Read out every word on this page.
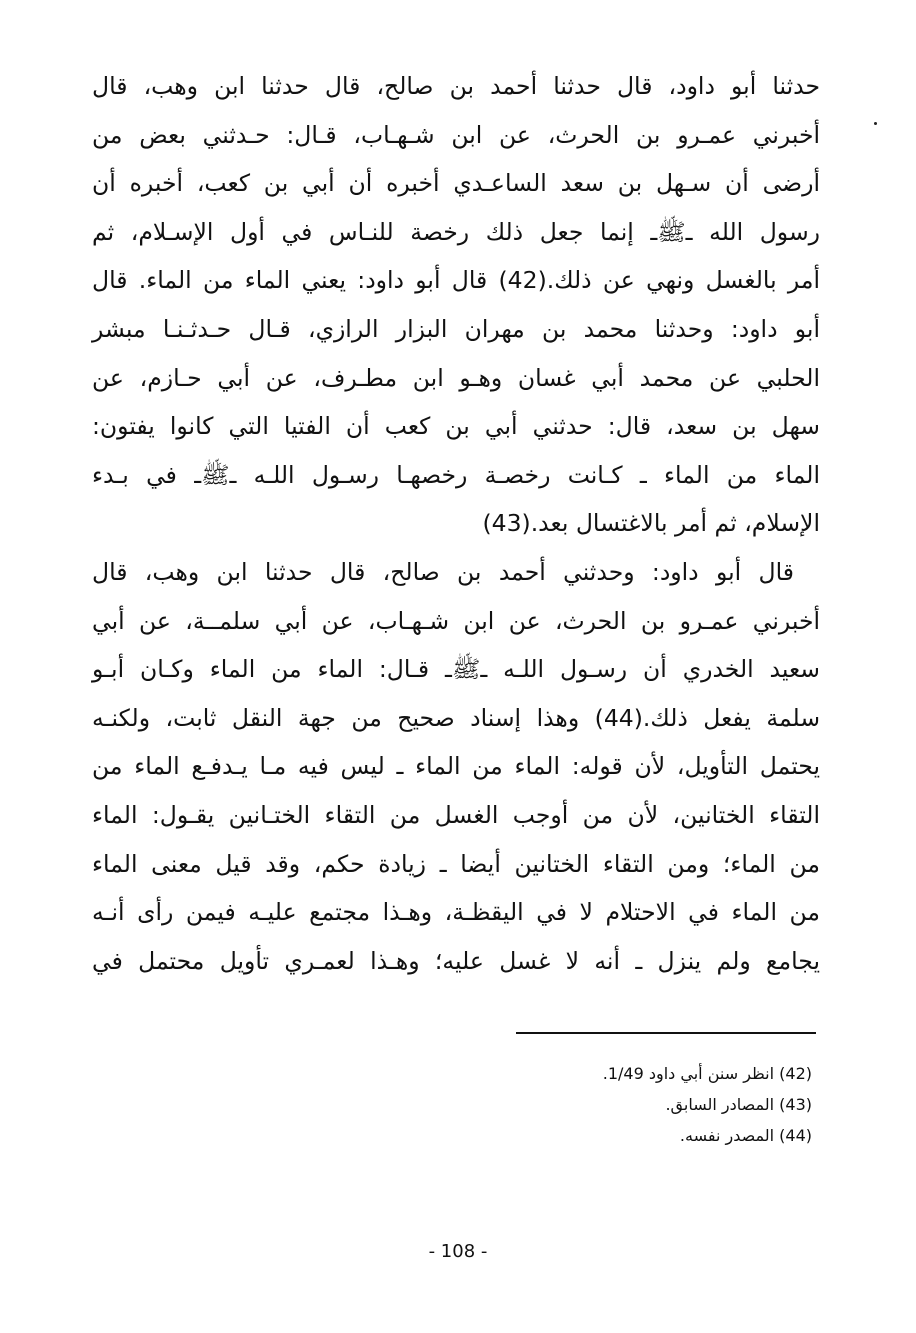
حدثنا أبو داود، قال حدثنا أحمد بن صالح، قال حدثنا ابن وهب، قال
أخبرني عمـرو بن الحرث، عن ابن شـهـاب، قـال: حـدثني بعض من
أرضى أن سـهل بن سعد الساعـدي أخبره أن أبي بن كعب، أخبره أن
رسول الله ـﷺـ إنما جعل ذلك رخصة للنـاس في أول الإسـلام، ثم
أمر بالغسل ونهي عن ذلك.(42) قال أبو داود: يعني الماء من الماء. قال
أبو داود: وحدثنا محمد بن مهران البزار الرازي، قـال حـدثـنـا مبشر
الحلبي عن محمد أبي غسان وهـو ابن مطـرف، عن أبي حـازم، عن
سهل بن سعد، قال: حدثني أبي بن كعب أن الفتيا التي كانوا يفتون:
الماء من الماء ـ كـانت رخصـة رخصهـا رسـول اللـه ـﷺـ في بـدء
الإسلام، ثم أمر بالاغتسال بعد.(43)
قال أبو داود: وحدثني أحمد بن صالح، قال حدثنا ابن وهب، قال
أخبرني عمـرو بن الحرث، عن ابن شـهـاب، عن أبي سلمــة، عن أبي
سعيد الخدري أن رسـول اللـه ـﷺـ قـال: الماء من الماء وكـان أبـو
سلمة يفعل ذلك.(44) وهذا إسناد صحيح من جهة النقل ثابت، ولكنـه
يحتمل التأويل، لأن قوله: الماء من الماء ـ ليس فيه مـا يـدفـع الماء من
التقاء الختانين، لأن من أوجب الغسل من التقاء الختـانين يقـول: الماء
من الماء؛ ومن التقاء الختانين أيضا ـ زيادة حكم، وقد قيل معنى الماء
من الماء في الاحتلام لا في اليقظـة، وهـذا مجتمع عليـه فيمن رأى أنـه
يجامع ولم ينزل ـ أنه لا غسل عليه؛ وهـذا لعمـري تأويل محتمل في
(42) انظر سنن أبي داود 1/49.
(43) المصادر السابق.
(44) المصدر نفسه.
- 108 -
